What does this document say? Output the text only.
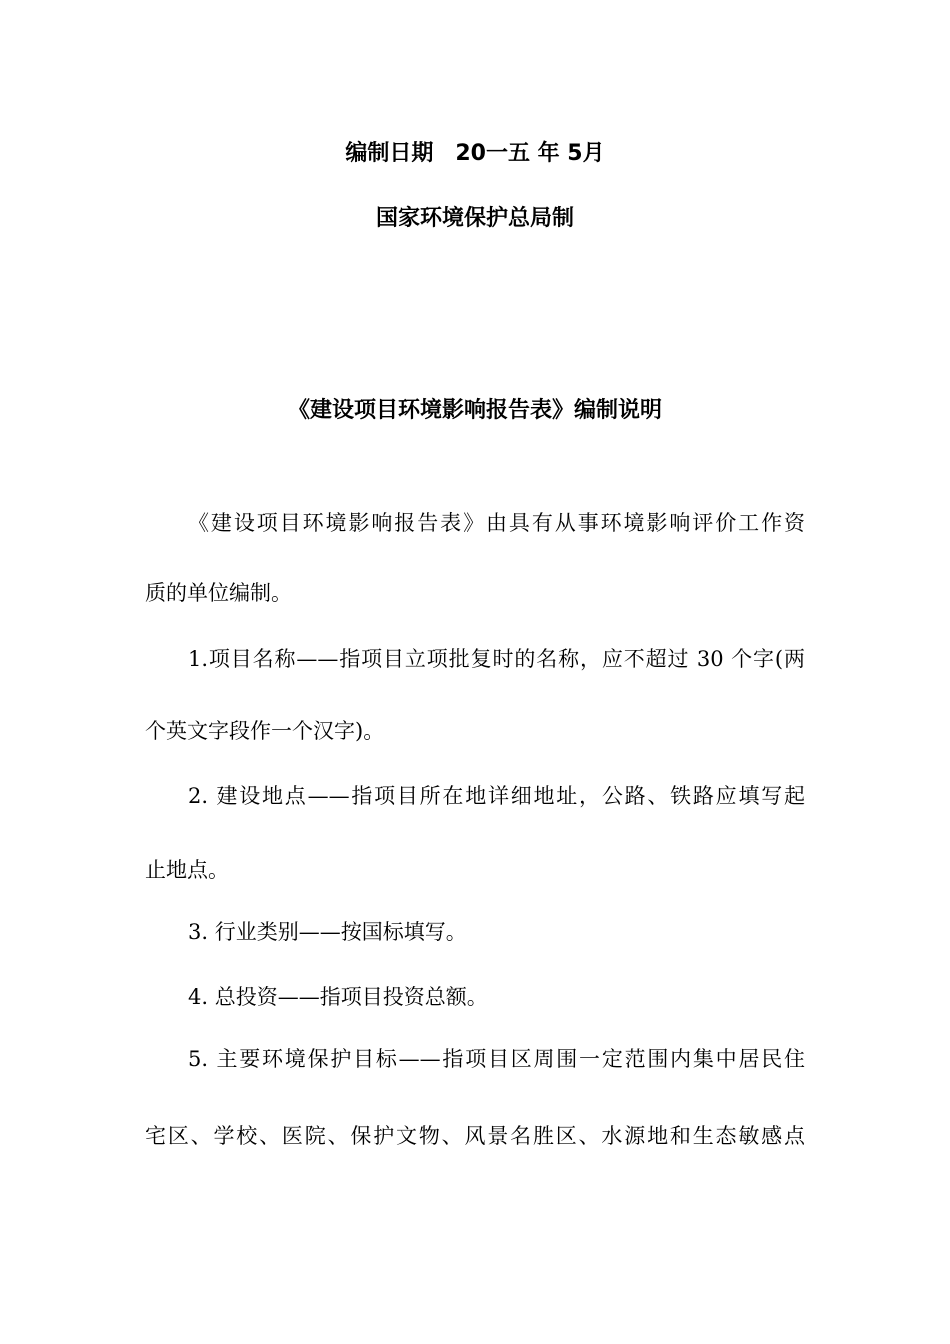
编制日期　20一五 年 5月
国家环境保护总局制
《建设项目环境影响报告表》编制说明
《建设项目环境影响报告表》由具有从事环境影响评价工作资
质的单位编制。
1.项目名称——指项目立项批复时的名称，应不超过 30 个字(两
个英文字段作一个汉字)。
2. 建设地点——指项目所在地详细地址，公路、铁路应填写起
止地点。
3. 行业类别——按国标填写。
4. 总投资——指项目投资总额。
5. 主要环境保护目标——指项目区周围一定范围内集中居民住
宅区、学校、医院、保护文物、风景名胜区、水源地和生态敏感点
